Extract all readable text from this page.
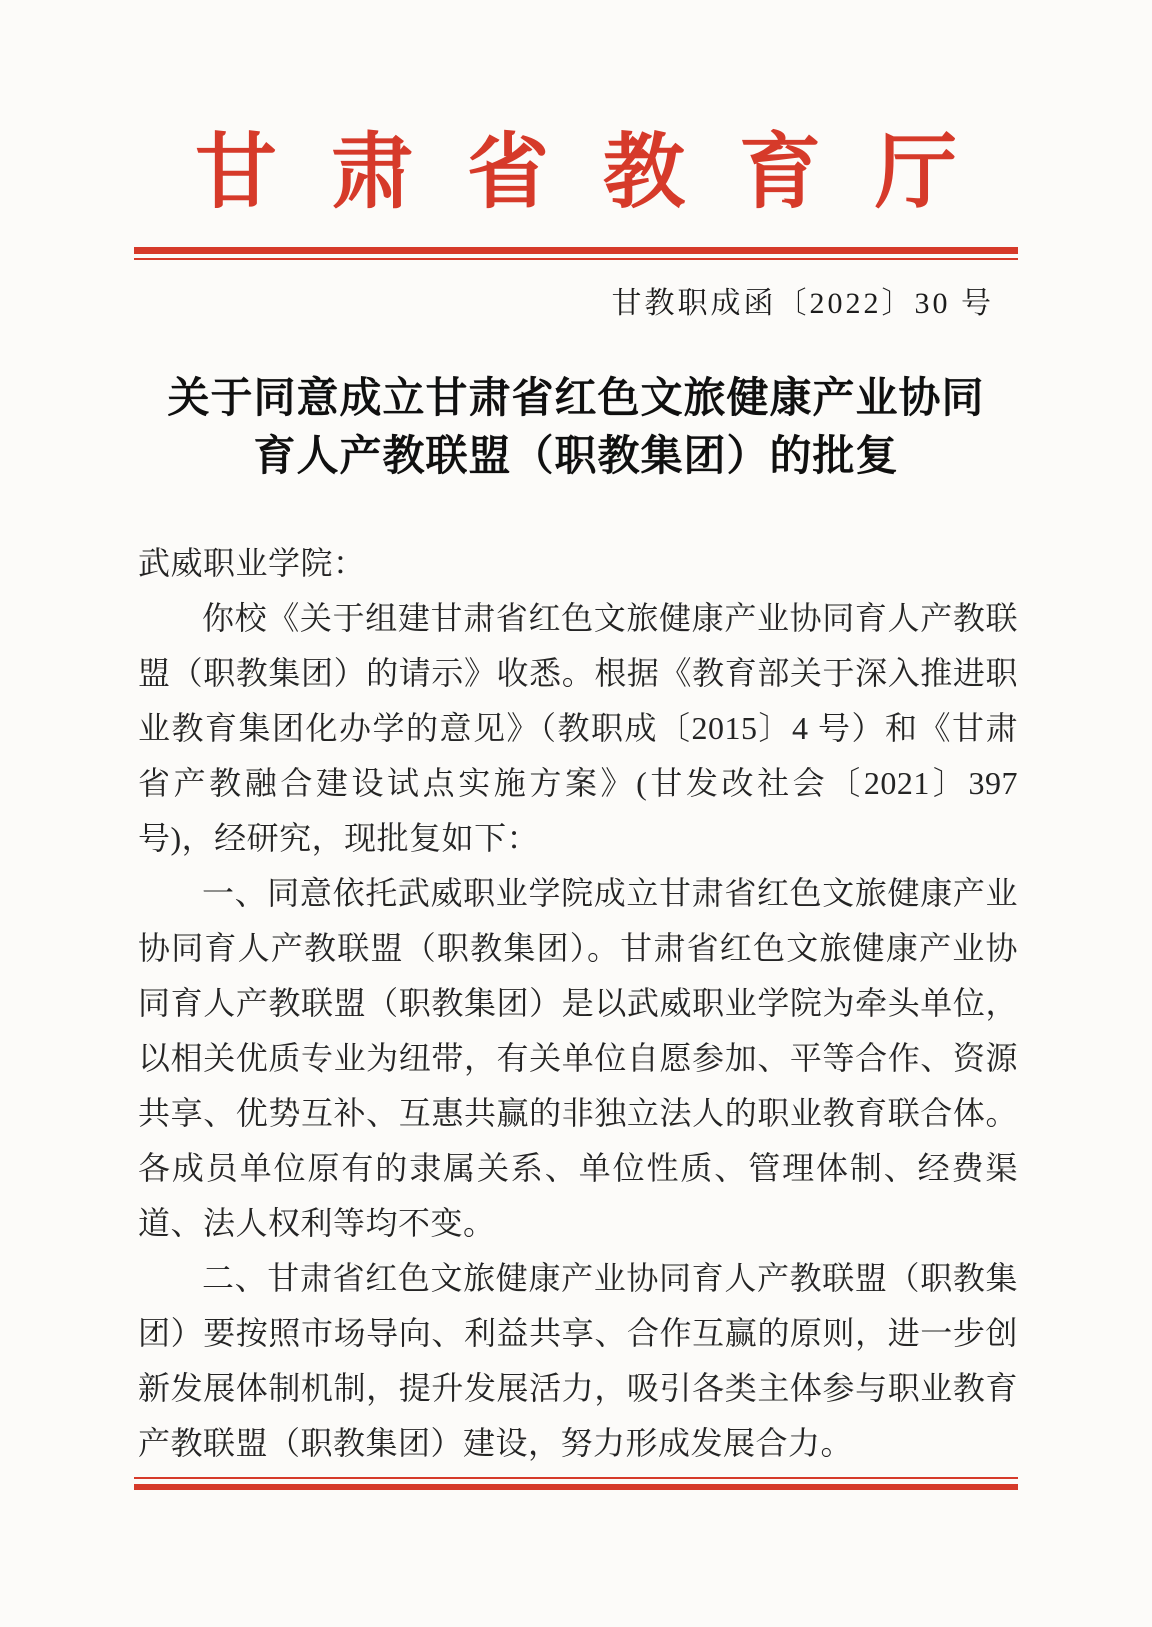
甘肃省教育厅
甘教职成函〔2022〕30 号
关于同意成立甘肃省红色文旅健康产业协同
育人产教联盟（职教集团）的批复

武威职业学院：

你校《关于组建甘肃省红色文旅健康产业协同育人产教联盟（职教集团）的请示》收悉。根据《教育部关于深入推进职业教育集团化办学的意见》（教职成〔2015〕4 号）和《甘肃省产教融合建设试点实施方案》(甘发改社会〔2021〕397 号)，经研究，现批复如下：

一、同意依托武威职业学院成立甘肃省红色文旅健康产业协同育人产教联盟（职教集团）。甘肃省红色文旅健康产业协同育人产教联盟（职教集团）是以武威职业学院为牵头单位，以相关优质专业为纽带，有关单位自愿参加、平等合作、资源共享、优势互补、互惠共赢的非独立法人的职业教育联合体。各成员单位原有的隶属关系、单位性质、管理体制、经费渠道、法人权利等均不变。

二、甘肃省红色文旅健康产业协同育人产教联盟（职教集团）要按照市场导向、利益共享、合作互赢的原则，进一步创新发展体制机制，提升发展活力，吸引各类主体参与职业教育产教联盟（职教集团）建设，努力形成发展合力。
